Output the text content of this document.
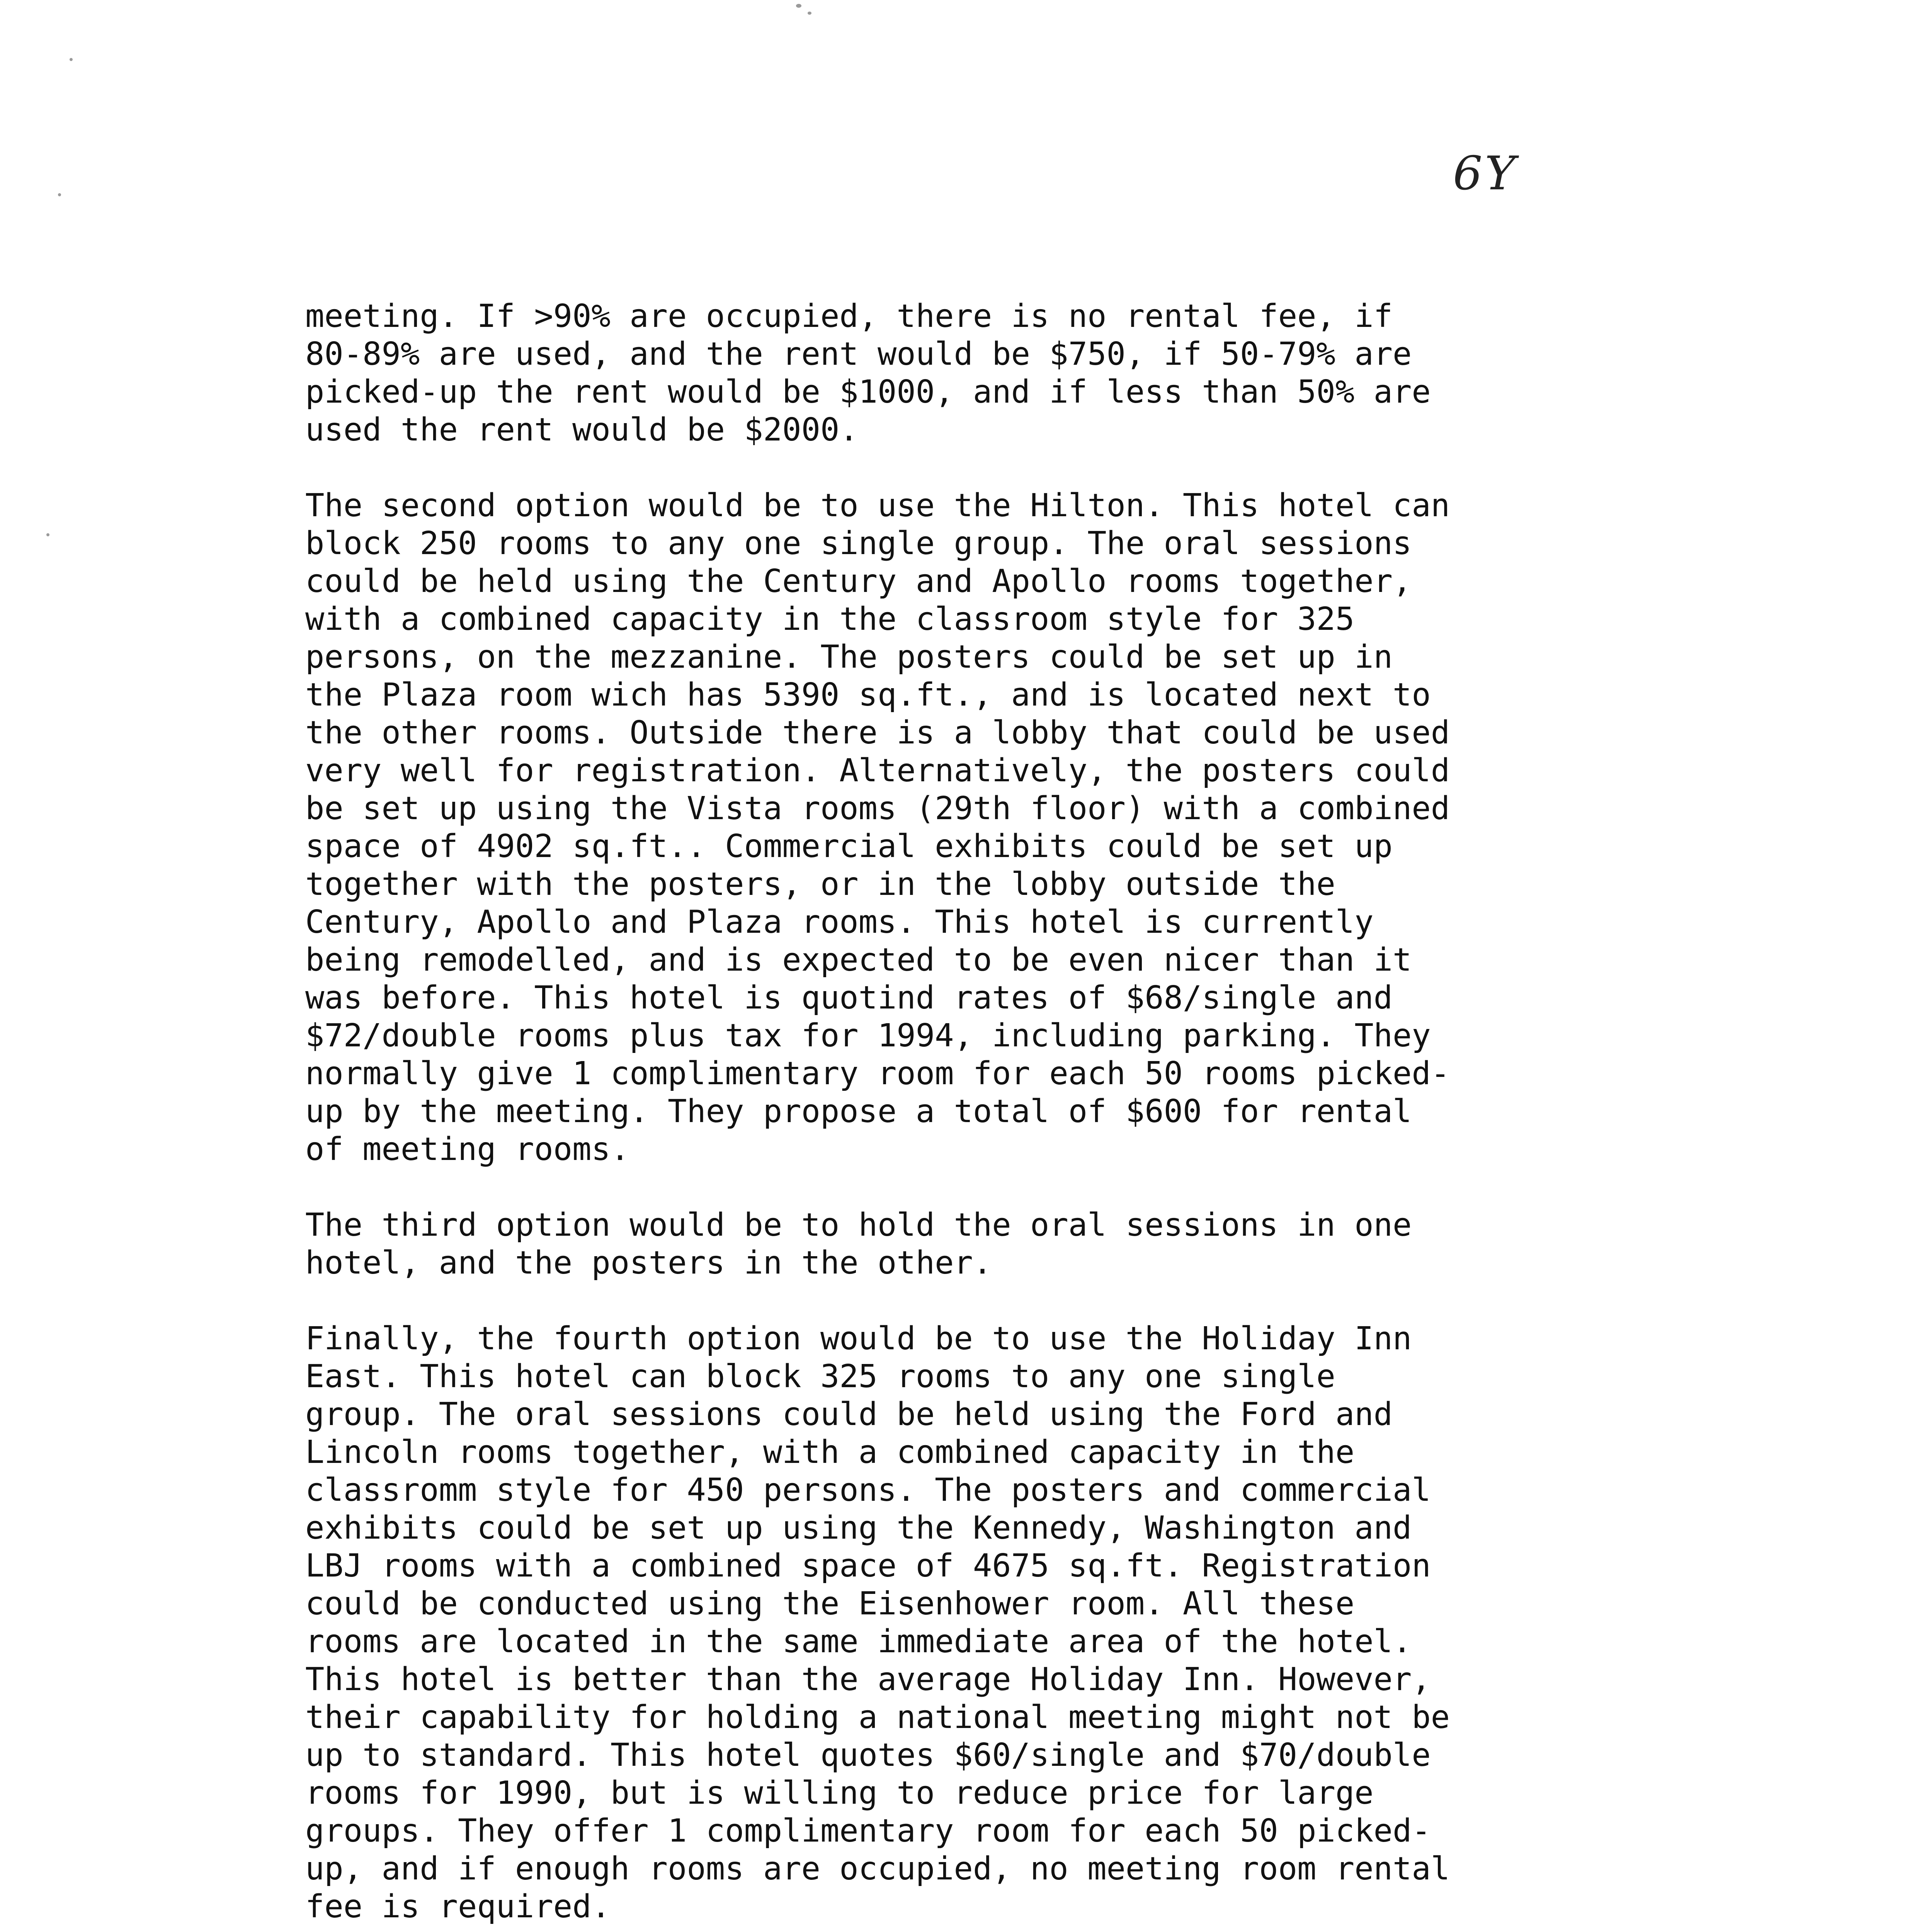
6Y

meeting. If >90% are occupied, there is no rental fee, if
80-89% are used, and the rent would be $750, if 50-79% are
picked-up the rent would be $1000, and if less than 50% are
used the rent would be $2000.

The second option would be to use the Hilton. This hotel can
block 250 rooms to any one single group. The oral sessions
could be held using the Century and Apollo rooms together,
with a combined capacity in the classroom style for 325
persons, on the mezzanine. The posters could be set up in
the Plaza room wich has 5390 sq.ft., and is located next to
the other rooms. Outside there is a lobby that could be used
very well for registration. Alternatively, the posters could
be set up using the Vista rooms (29th floor) with a combined
space of 4902 sq.ft.. Commercial exhibits could be set up
together with the posters, or in the lobby outside the
Century, Apollo and Plaza rooms. This hotel is currently
being remodelled, and is expected to be even nicer than it
was before. This hotel is quotind rates of $68/single and
$72/double rooms plus tax for 1994, including parking. They
normally give 1 complimentary room for each 50 rooms picked-
up by the meeting. They propose a total of $600 for rental
of meeting rooms.

The third option would be to hold the oral sessions in one
hotel, and the posters in the other.

Finally, the fourth option would be to use the Holiday Inn
East. This hotel can block 325 rooms to any one single
group. The oral sessions could be held using the Ford and
Lincoln rooms together, with a combined capacity in the
classromm style for 450 persons. The posters and commercial
exhibits could be set up using the Kennedy, Washington and
LBJ rooms with a combined space of 4675 sq.ft. Registration
could be conducted using the Eisenhower room. All these
rooms are located in the same immediate area of the hotel.
This hotel is better than the average Holiday Inn. However,
their capability for holding a national meeting might not be
up to standard. This hotel quotes $60/single and $70/double
rooms for 1990, but is willing to reduce price for large
groups. They offer 1 complimentary room for each 50 picked-
up, and if enough rooms are occupied, no meeting room rental
fee is required.
